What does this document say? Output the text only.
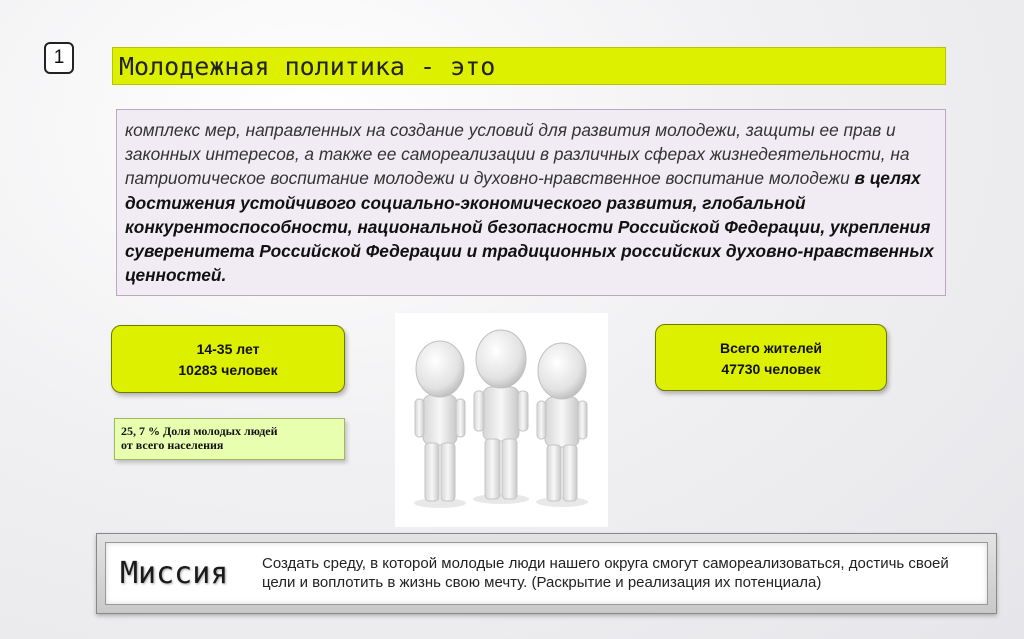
1	Молодежная политика - это
комплекс мер, направленных на создание условий для развития молодежи, защиты ее прав и законных интересов, а также ее самореализации в различных сферах жизнедеятельности, на патриотическое воспитание молодежи и духовно-нравственное воспитание молодежи в целях достижения устойчивого социально-экономического развития, глобальной конкурентоспособности, национальной безопасности Российской Федерации, укрепления суверенитета Российской Федерации и традиционных российских духовно-нравственных ценностей.
14-35 лет
10283 человек
25, 7 % Доля молодых людей
от всего населения
Всего жителей
47730 человек
Миссия Создать среду, в которой молодые люди нашего округа смогут самореализоваться, достичь своей цели и воплотить в жизнь свою мечту. (Раскрытие и реализация их потенциала)
